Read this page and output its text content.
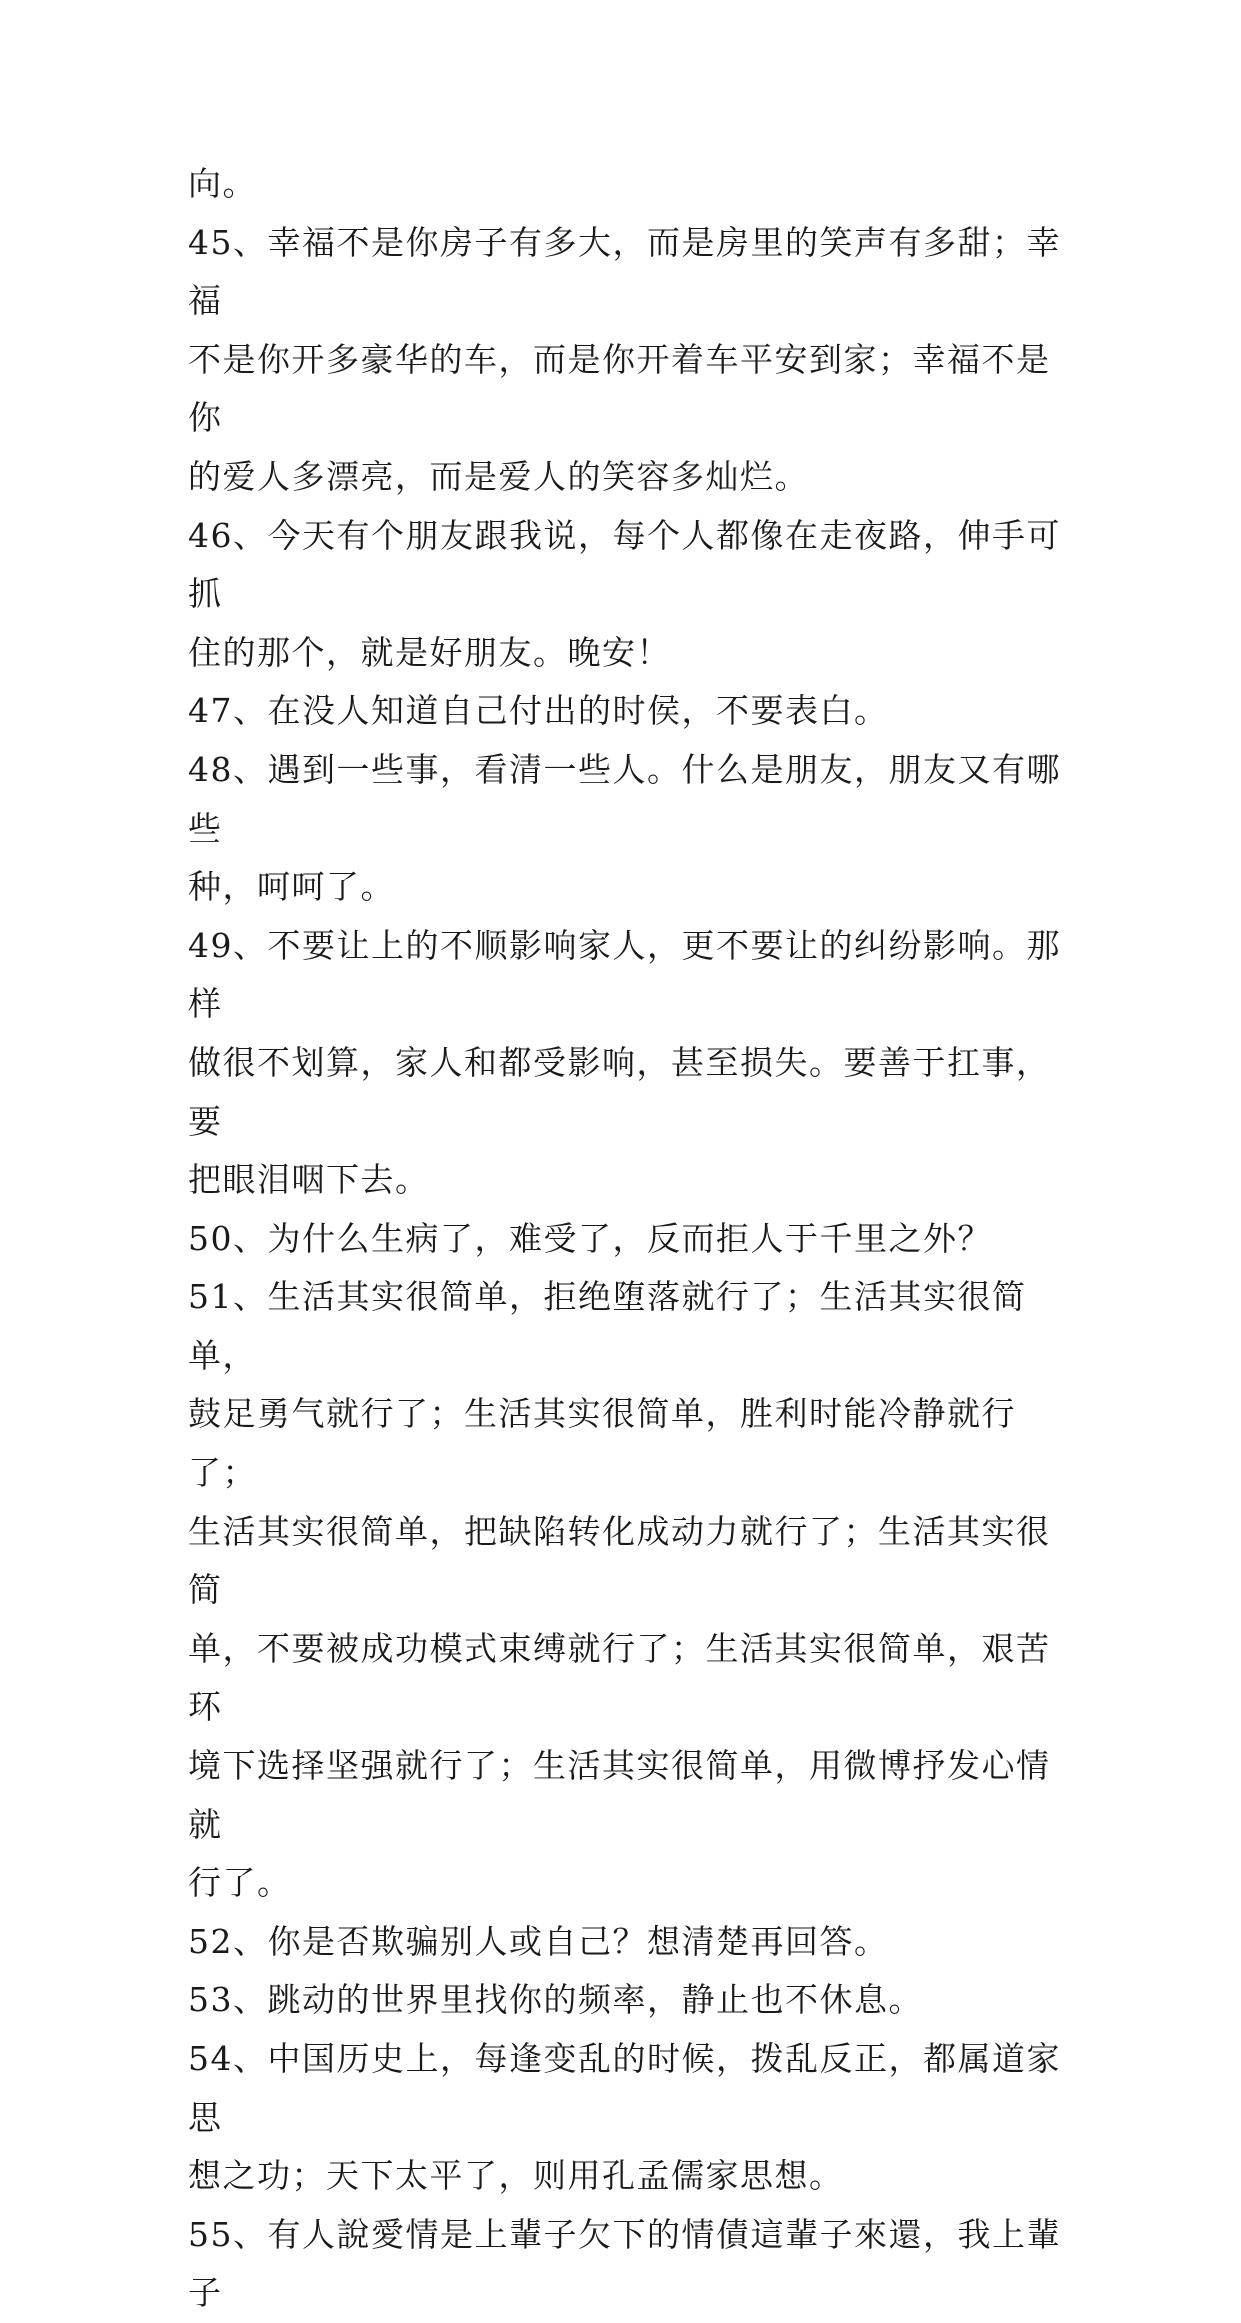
向。

45、幸福不是你房子有多大，而是房里的笑声有多甜；幸福
不是你开多豪华的车，而是你开着车平安到家；幸福不是你
的爱人多漂亮，而是爱人的笑容多灿烂。

46、今天有个朋友跟我说，每个人都像在走夜路，伸手可抓
住的那个，就是好朋友。晚安！

47、在没人知道自己付出的时侯，不要表白。

48、遇到一些事，看清一些人。什么是朋友，朋友又有哪些
种，呵呵了。

49、不要让上的不顺影响家人，更不要让的纠纷影响。那样
做很不划算，家人和都受影响，甚至损失。要善于扛事，要
把眼泪咽下去。

50、为什么生病了，难受了，反而拒人于千里之外？

51、生活其实很简单，拒绝堕落就行了；生活其实很简单，
鼓足勇气就行了；生活其实很简单，胜利时能冷静就行了；
生活其实很简单，把缺陷转化成动力就行了；生活其实很简
单，不要被成功模式束缚就行了；生活其实很简单，艰苦环
境下选择坚强就行了；生活其实很简单，用微博抒发心情就
行了。

52、你是否欺骗别人或自己？想清楚再回答。

53、跳动的世界里找你的频率，静止也不休息。

54、中国历史上，每逢变乱的时候，拨乱反正，都属道家思
想之功；天下太平了，则用孔孟儒家思想。

55、有人說愛情是上輩子欠下的情債這輩子來還，我上輩子
